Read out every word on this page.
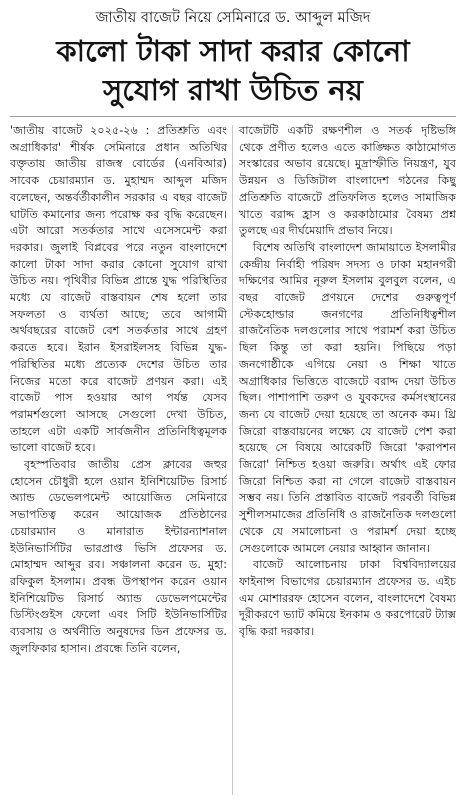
জাতীয় বাজেট নিয়ে সেমিনারে ড. আব্দুল মজিদ
কালো টাকা সাদা করার কোনো
সুযোগ রাখা উচিত নয়

'জাতীয় বাজেট ২০২৫-২৬ : প্রতিশ্রুতি এবং অগ্রাধিকার' শীর্ষক সেমিনারে প্রধান অতিথির বক্তৃতায় জাতীয় রাজস্ব বোর্ডের (এনবিআর) সাবেক চেয়ারম্যান ড. মুহাম্মদ আব্দুল মজিদ বলেছেন, অন্তর্বর্তীকালীন সরকার এ বছর বাজেট ঘাটতি কমানোর জন্য পরোক্ষ কর বৃদ্ধি করেছেন। এটা আরো সতর্কতার সাথে এসেসমেন্ট করা দরকার। জুলাই বিপ্লবের পরে নতুন বাংলাদেশে কালো টাকা সাদা করার কোনো সুযোগ রাখা উচিত নয়। পৃথিবীর বিভিন্ন প্রান্তে যুদ্ধ পরিস্থিতির মধ্যে যে বাজেট বাস্তবায়ন শেষ হলো তার সফলতা ও ব্যর্থতা আছে; তবে আগামী অর্থবছরের বাজেট বেশ সতর্কতার সাথে গ্রহণ করতে হবে। ইরান ইসরাইলসহ বিভিন্ন যুদ্ধ-পরিস্থিতির মধ্যে প্রত্যেক দেশের উচিত তার নিজের মতো করে বাজেট প্রণয়ন করা। এই বাজেট পাস হওয়ার আগ পর্যন্ত যেসব পরামর্শগুলো আসছে সেগুলো দেখা উচিত, তাহলে এটা একটি সার্বজনীন প্রতিনিধিত্বমূলক ভালো বাজেট হবে।

বৃহস্পতিবার জাতীয় প্রেস ক্লাবের জহুর হোসেন চৌধুরী হলে ওয়ান ইনিশিয়েটিভ রিসার্চ অ্যান্ড ডেভেলপমেন্ট আয়োজিত সেমিনারে সভাপতিত্ব করেন আয়োজক প্রতিষ্ঠানের চেয়ারম্যান ও মানারাত ইন্টারন্যাশনাল ইউনিভার্সিটির ভারপ্রাপ্ত ভিসি প্রফেসর ড. মোহাম্মদ আব্দুর রব। সঞ্চালনা করেন ড. মুহা: রফিকুল ইসলাম। প্রবন্ধ উপস্থাপন করেন ওয়ান ইনিশিয়েটিভ রিসার্চ অ্যান্ড ডেভেলপমেন্টের ডিস্টিংগুইস ফেলো এবং সিটি ইউনিভার্সিটির ব্যবসায় ও অর্থনীতি অনুষদের ডিন প্রফেসর ড. জুলফিকার হাসান। প্রবন্ধে তিনি বলেন,

বাজেটটি একটি রক্ষণশীল ও সতর্ক দৃষ্টিভঙ্গি থেকে প্রণীত হলেও এতে কাঙ্ক্ষিত কাঠামোগত সংস্কারের অভাব রয়েছে। মুদ্রাস্ফীতি নিয়ন্ত্রণ, যুব উন্নয়ন ও ডিজিটাল বাংলাদেশ গঠনের কিছু প্রতিশ্রুতি বাজেটে প্রতিফলিত হলেও সামাজিক খাতে বরাদ্দ হ্রাস ও করকাঠামোর বৈষম্য প্রশ্ন তুলছে এর দীর্ঘমেয়াদি প্রভাব নিয়ে।

বিশেষ অতিথি বাংলাদেশ জামায়াতে ইসলামীর কেন্দ্রীয় নির্বাহী পরিষদ সদস্য ও ঢাকা মহানগরী দক্ষিণের আমির নূরুল ইসলাম বুলবুল বলেন, এ বছর বাজেট প্রণয়নে দেশের গুরুত্বপূর্ণ স্টেকহোল্ডার জনগণের প্রতিনিধিত্বশীল রাজনৈতিক দলগুলোর সাথে পরামর্শ করা উচিত ছিল কিন্তু তা করা হয়নি। পিছিয়ে পড়া জনগোষ্ঠীকে এগিয়ে নেয়া ও শিক্ষা খাতে অগ্রাধিকার ভিত্তিতে বাজেটে বরাদ্দ দেয়া উচিত ছিল। পাশাপাশি তরুণ ও যুবকদের কর্মসংস্থানের জন্য যে বাজেট দেয়া হয়েছে তা অনেক কম। থ্রি জিরো বাস্তবায়নের লক্ষ্যে যে বাজেট পেশ করা হয়েছে সে বিষয়ে আরেকটি জিরো 'করাপশন জিরো' নিশ্চিত হওয়া জরুরি। অর্থাৎ এই ফোর জিরো নিশ্চিত করা না গেলে বাজেট বাস্তবায়ন সম্ভব নয়। তিনি প্রস্তাবিত বাজেট পরবর্তী বিভিন্ন সুশীলসমাজের প্রতিনিধি ও রাজনৈতিক দলগুলো থেকে যে সমালোচনা ও পরামর্শ দেয়া হচ্ছে সেগুলোকে আমলে নেয়ার আহ্বান জানান।

বাজেট আলোচনায় ঢাকা বিশ্ববিদ্যালয়ের ফাইনান্স বিভাগের চেয়ারম্যান প্রফেসর ড. এইচ এম মোশাররফ হোসেন বলেন, বাংলাদেশে বৈষম্য দূরীকরণে ভ্যাট কমিয়ে ইনকাম ও করপোরেট ট্যাক্স বৃদ্ধি করা দরকার।
